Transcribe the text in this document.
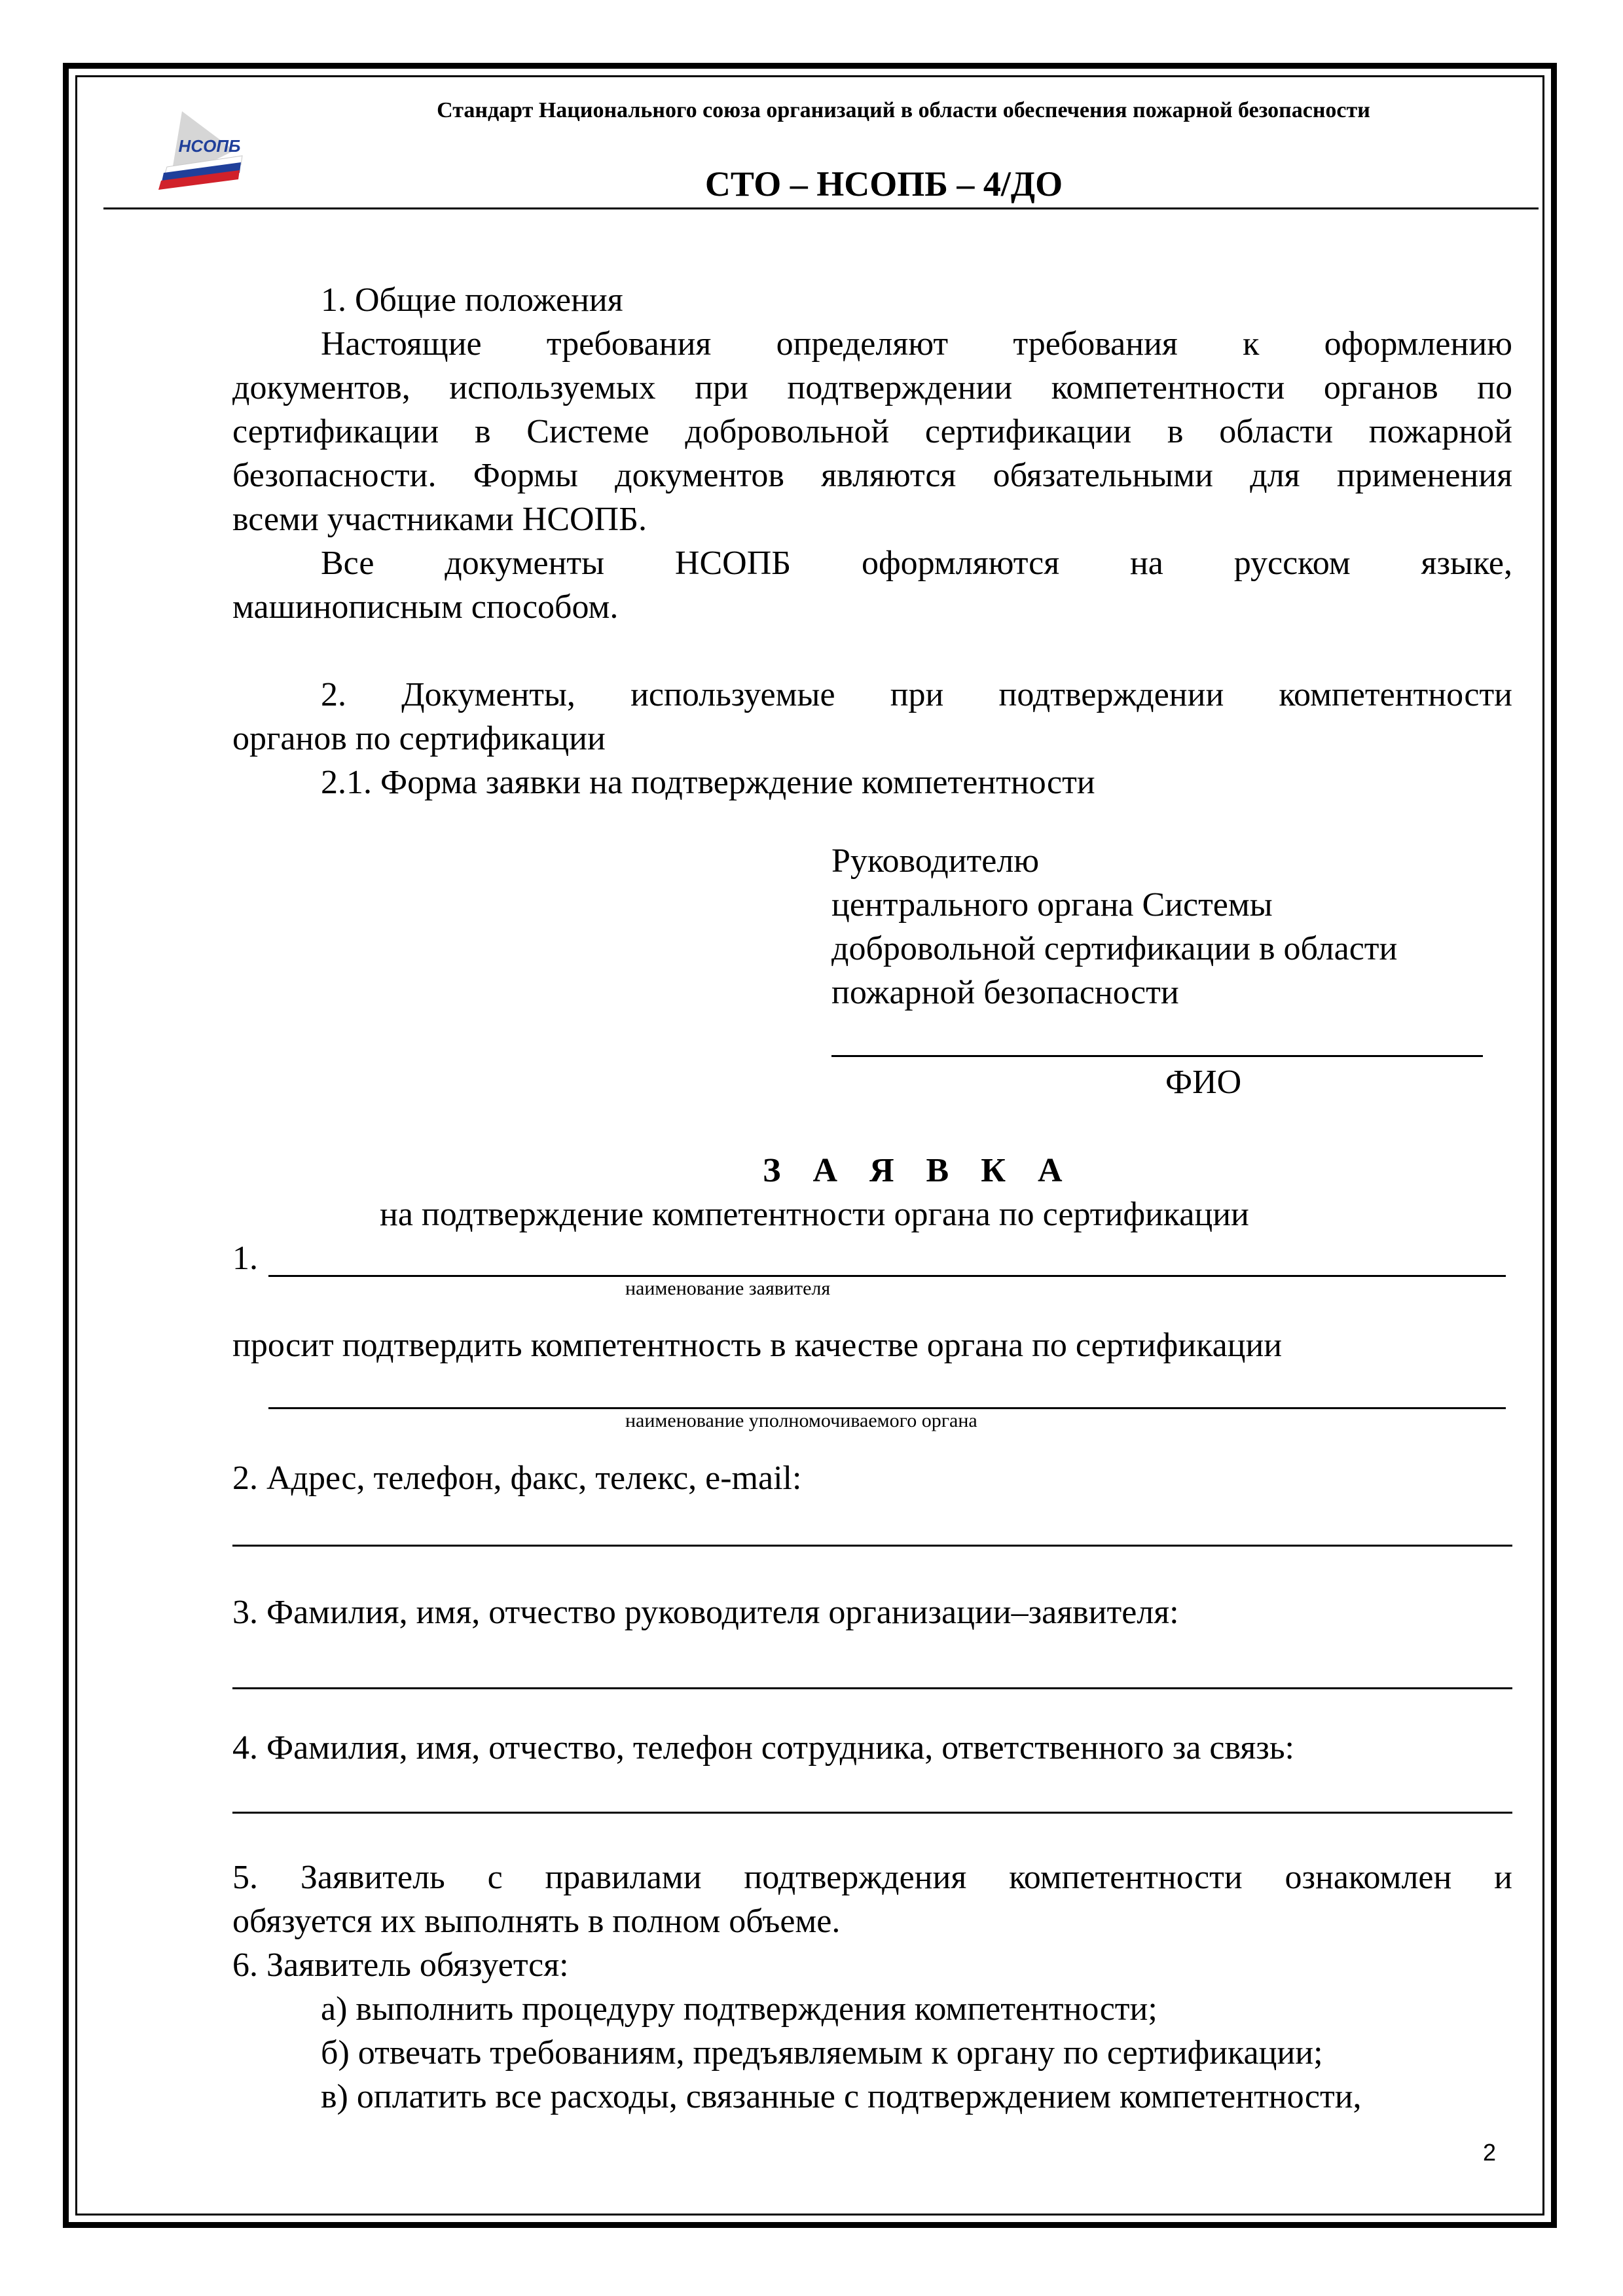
НСОПБ
Стандарт Национального союза организаций в области обеспечения пожарной безопасности
СТО – НСОПБ – 4/ДО
1. Общие положения
Настоящие требования определяют требования к оформлению
документов, используемых при подтверждении компетентности органов по
сертификации в Системе добровольной сертификации в области пожарной
безопасности. Формы документов являются обязательными для применения
всеми участниками НСОПБ.
Все документы НСОПБ оформляются на русском языке,
машинописным способом.
2. Документы, используемые при подтверждении компетентности
органов по сертификации
2.1. Форма заявки на подтверждение компетентности
Руководителю
центрального органа Системы
добровольной сертификации в области
пожарной безопасности
ФИО
З А Я В К А
на подтверждение компетентности органа по сертификации
1.
наименование заявителя
просит подтвердить компетентность в качестве органа по сертификации
наименование уполномочиваемого органа
2. Адрес, телефон, факс, телекс, e-mail:
3. Фамилия, имя, отчество руководителя организации–заявителя:
4. Фамилия, имя, отчество, телефон сотрудника, ответственного за связь:
5. Заявитель с правилами подтверждения компетентности ознакомлен и
обязуется их выполнять в полном объеме.
6. Заявитель обязуется:
а) выполнить процедуру подтверждения компетентности;
б) отвечать требованиям, предъявляемым к органу по сертификации;
в) оплатить все расходы, связанные с подтверждением компетентности,
2
